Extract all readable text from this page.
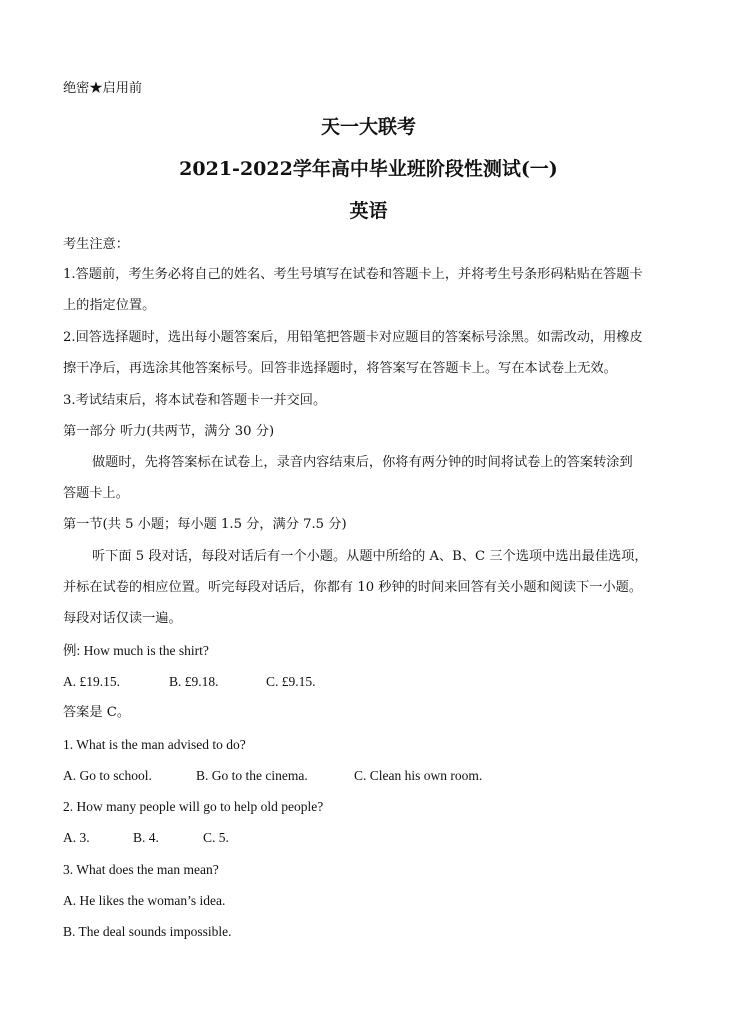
绝密★启用前
天一大联考
2021-2022学年高中毕业班阶段性测试(一)
英语
考生注意：
1.答题前，考生务必将自己的姓名、考生号填写在试卷和答题卡上，并将考生号条形码粘贴在答题卡
上的指定位置。
2.回答选择题时，选出每小题答案后，用铅笔把答题卡对应题目的答案标号涂黑。如需改动，用橡皮
擦干净后，再选涂其他答案标号。回答非选择题时，将答案写在答题卡上。写在本试卷上无效。
3.考试结束后，将本试卷和答题卡一并交回。
第一部分 听力(共两节，满分 30 分)
做题时，先将答案标在试卷上，录音内容结束后，你将有两分钟的时间将试卷上的答案转涂到
答题卡上。
第一节(共 5 小题；每小题 1.5 分，满分 7.5 分)
听下面 5 段对话，每段对话后有一个小题。从题中所给的 A、B、C 三个选项中选出最佳选项，
并标在试卷的相应位置。听完每段对话后，你都有 10 秒钟的时间来回答有关小题和阅读下一小题。
每段对话仅读一遍。
例: How much is the shirt?
A. £19.15.	B. £9.18.	C. £9.15.
答案是 C。
1. What is the man advised to do?
A. Go to school.	B. Go to the cinema.	C. Clean his own room.
2. How many people will go to help old people?
A. 3.	B. 4.	C. 5.
3. What does the man mean?
A. He likes the woman’s idea.
B. The deal sounds impossible.
